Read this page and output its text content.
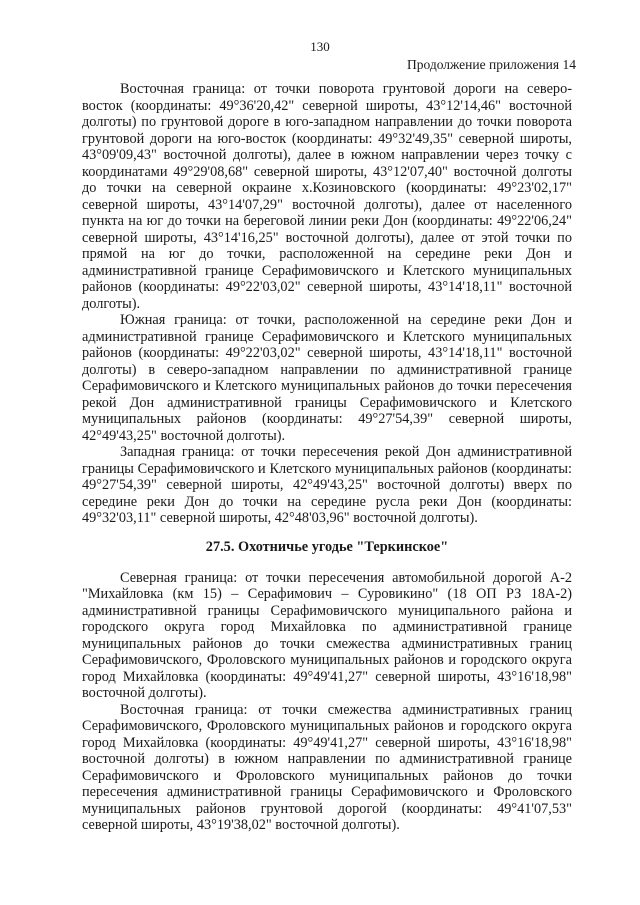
130
Продолжение приложения 14

Восточная граница: от точки поворота грунтовой дороги на северо-восток (координаты: 49°36'20,42" северной широты, 43°12'14,46" восточной долготы) по грунтовой дороге в юго-западном направлении до точки поворота грунтовой дороги на юго-восток (координаты: 49°32'49,35" северной широты, 43°09'09,43" восточной долготы), далее в южном направлении через точку с координатами 49°29'08,68" северной широты, 43°12'07,40" восточной долготы до точки на северной окраине х.Козиновского (координаты: 49°23'02,17" северной широты, 43°14'07,29" восточной долготы), далее от населенного пункта на юг до точки на береговой линии реки Дон (координаты: 49°22'06,24" северной широты, 43°14'16,25" восточной долготы), далее от этой точки по прямой на юг до точки, расположенной на середине реки Дон и административной границе Серафимовичского и Клетского муниципальных районов (координаты: 49°22'03,02" северной широты, 43°14'18,11" восточной долготы).

Южная граница: от точки, расположенной на середине реки Дон и административной границе Серафимовичского и Клетского муниципальных районов (координаты: 49°22'03,02" северной широты, 43°14'18,11" восточной долготы) в северо-западном направлении по административной границе Серафимовичского и Клетского муниципальных районов до точки пересечения рекой Дон административной границы Серафимовичского и Клетского муниципальных районов (координаты: 49°27'54,39" северной широты, 42°49'43,25" восточной долготы).

Западная граница: от точки пересечения рекой Дон административной границы Серафимовичского и Клетского муниципальных районов (координаты: 49°27'54,39" северной широты, 42°49'43,25" восточной долготы) вверх по середине реки Дон до точки на середине русла реки Дон (координаты: 49°32'03,11" северной широты, 42°48'03,96" восточной долготы).

27.5. Охотничье угодье "Теркинское"

Северная граница: от точки пересечения автомобильной дорогой А-2 "Михайловка (км 15) – Серафимович – Суровикино" (18 ОП РЗ 18А-2) административной границы Серафимовичского муниципального района и городского округа город Михайловка по административной границе муниципальных районов до точки смежества административных границ Серафимовичского, Фроловского муниципальных районов и городского округа город Михайловка (координаты: 49°49'41,27" северной широты, 43°16'18,98" восточной долготы).

Восточная граница: от точки смежества административных границ Серафимовичского, Фроловского муниципальных районов и городского округа город Михайловка (координаты: 49°49'41,27" северной широты, 43°16'18,98" восточной долготы) в южном направлении по административной границе Серафимовичского и Фроловского муниципальных районов до точки пересечения административной границы Серафимовичского и Фроловского муниципальных районов грунтовой дорогой (координаты: 49°41'07,53" северной широты, 43°19'38,02" восточной долготы).
